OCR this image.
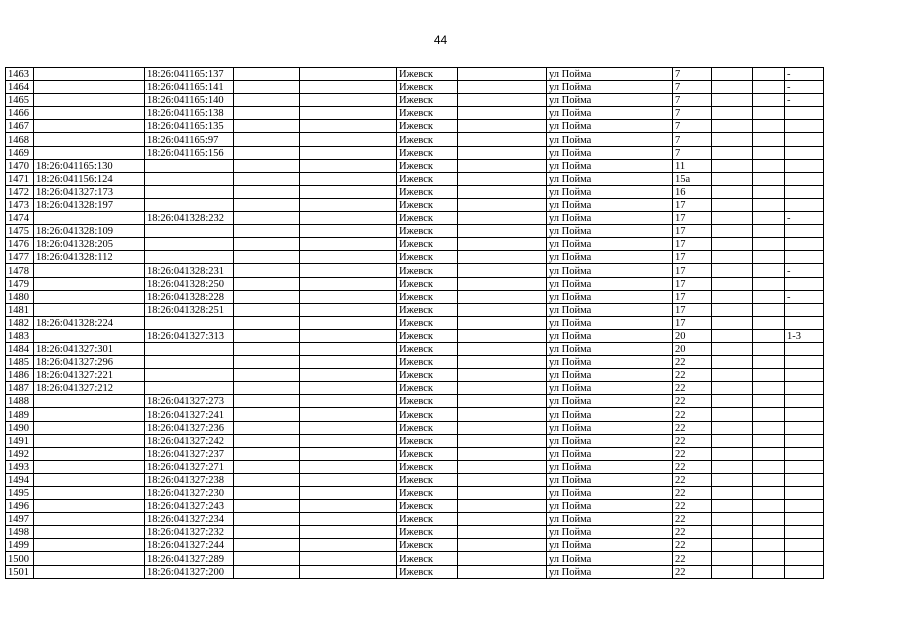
44
1463		18:26:041165:137			Ижевск		ул Пойма	7			-
1464		18:26:041165:141			Ижевск		ул Пойма	7			-
1465		18:26:041165:140			Ижевск		ул Пойма	7			-
1466		18:26:041165:138			Ижевск		ул Пойма	7			
1467		18:26:041165:135			Ижевск		ул Пойма	7			
1468		18:26:041165:97			Ижевск		ул Пойма	7			
1469		18:26:041165:156			Ижевск		ул Пойма	7			
1470	18:26:041165:130				Ижевск		ул Пойма	11			
1471	18:26:041156:124				Ижевск		ул Пойма	15а			
1472	18:26:041327:173				Ижевск		ул Пойма	16			
1473	18:26:041328:197				Ижевск		ул Пойма	17			
1474		18:26:041328:232			Ижевск		ул Пойма	17			-
1475	18:26:041328:109				Ижевск		ул Пойма	17			
1476	18:26:041328:205				Ижевск		ул Пойма	17			
1477	18:26:041328:112				Ижевск		ул Пойма	17			
1478		18:26:041328:231			Ижевск		ул Пойма	17			-
1479		18:26:041328:250			Ижевск		ул Пойма	17			
1480		18:26:041328:228			Ижевск		ул Пойма	17			-
1481		18:26:041328:251			Ижевск		ул Пойма	17			
1482	18:26:041328:224				Ижевск		ул Пойма	17			
1483		18:26:041327:313			Ижевск		ул Пойма	20			1-3
1484	18:26:041327:301				Ижевск		ул Пойма	20			
1485	18:26:041327:296				Ижевск		ул Пойма	22			
1486	18:26:041327:221				Ижевск		ул Пойма	22			
1487	18:26:041327:212				Ижевск		ул Пойма	22			
1488		18:26:041327:273			Ижевск		ул Пойма	22			
1489		18:26:041327:241			Ижевск		ул Пойма	22			
1490		18:26:041327:236			Ижевск		ул Пойма	22			
1491		18:26:041327:242			Ижевск		ул Пойма	22			
1492		18:26:041327:237			Ижевск		ул Пойма	22			
1493		18:26:041327:271			Ижевск		ул Пойма	22			
1494		18:26:041327:238			Ижевск		ул Пойма	22			
1495		18:26:041327:230			Ижевск		ул Пойма	22			
1496		18:26:041327:243			Ижевск		ул Пойма	22			
1497		18:26:041327:234			Ижевск		ул Пойма	22			
1498		18:26:041327:232			Ижевск		ул Пойма	22			
1499		18:26:041327:244			Ижевск		ул Пойма	22			
1500		18:26:041327:289			Ижевск		ул Пойма	22			
1501		18:26:041327:200			Ижевск		ул Пойма	22			
